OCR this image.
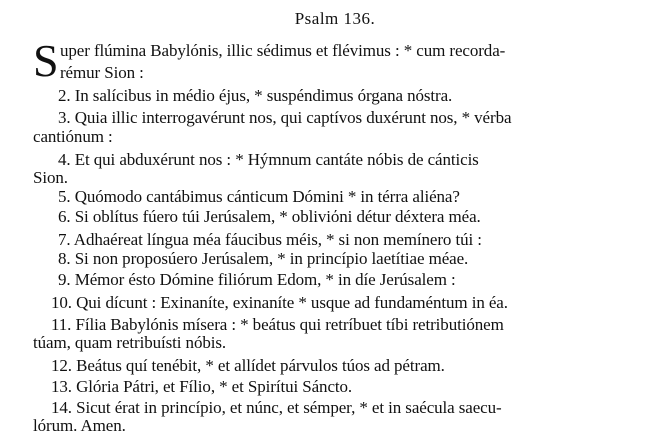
Psalm 136.
S uper flúmina Babylónis, illic sédimus et flévimus : * cum recorda-
rémur Sion :
2. In salícibus in médio éjus, * suspéndimus órgana nóstra.
3. Quia illic interrogavérunt nos, qui captívos duxérunt nos, * vérba
cantiónum :
4. Et qui abduxérunt nos : * Hýmnum cantáte nóbis de cánticis
Sion.
5. Quómodo cantábimus cánticum Dómini * in térra aliéna?
6. Si oblítus fúero túi Jerúsalem, * obliviόni détur déxtera méa.
7. Adhaéreat língua méa fáucibus méis, * si non memínero túi :
8. Si non proposúero Jerúsalem, * in princípio laetítiae méae.
9. Mémor ésto Dómine filiórum Edom, * in díe Jerúsalem :
10. Qui dícunt : Exinaníte, exinaníte * usque ad fundaméntum in éa.
11. Fília Babylónis mísera : * beátus qui retríbuet tíbi retributiónem
túam, quam retribuísti nóbis.
12. Beátus quí tenébit, * et allídet párvulos túos ad pétram.
13. Glória Pátri, et Fílio, * et Spirítui Sáncto.
14. Sicut érat in princípio, et núnc, et sémper, * et in saécula saecu-
lórum. Amen.
